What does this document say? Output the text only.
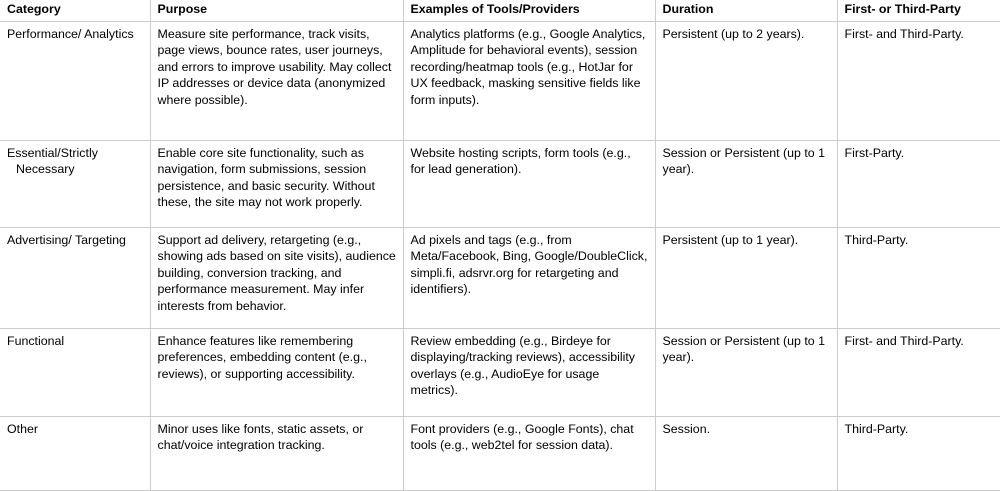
Category	Purpose	Examples of Tools/Providers	Duration	First- or Third-Party

Performance/ Analytics	Measure site performance, track visits, page views, bounce rates, user journeys, and errors to improve usability. May collect IP addresses or device data (anonymized where possible).	Analytics platforms (e.g., Google Analytics, Amplitude for behavioral events), session recording/heatmap tools (e.g., HotJar for UX feedback, masking sensitive fields like form inputs).	Persistent (up to 2 years).	First- and Third-Party.

Essential/Strictly Necessary	Enable core site functionality, such as navigation, form submissions, session persistence, and basic security. Without these, the site may not work properly.	Website hosting scripts, form tools (e.g., for lead generation).	Session or Persistent (up to 1 year).	First-Party.

Advertising/ Targeting	Support ad delivery, retargeting (e.g., showing ads based on site visits), audience building, conversion tracking, and performance measurement. May infer interests from behavior.	Ad pixels and tags (e.g., from Meta/Facebook, Bing, Google/DoubleClick, simpli.fi, adsrvr.org for retargeting and identifiers).	Persistent (up to 1 year).	Third-Party.

Functional	Enhance features like remembering preferences, embedding content (e.g., reviews), or supporting accessibility.	Review embedding (e.g., Birdeye for displaying/tracking reviews), accessibility overlays (e.g., AudioEye for usage metrics).	Session or Persistent (up to 1 year).	First- and Third-Party.

Other	Minor uses like fonts, static assets, or chat/voice integration tracking.	Font providers (e.g., Google Fonts), chat tools (e.g., web2tel for session data).	Session.	Third-Party.
